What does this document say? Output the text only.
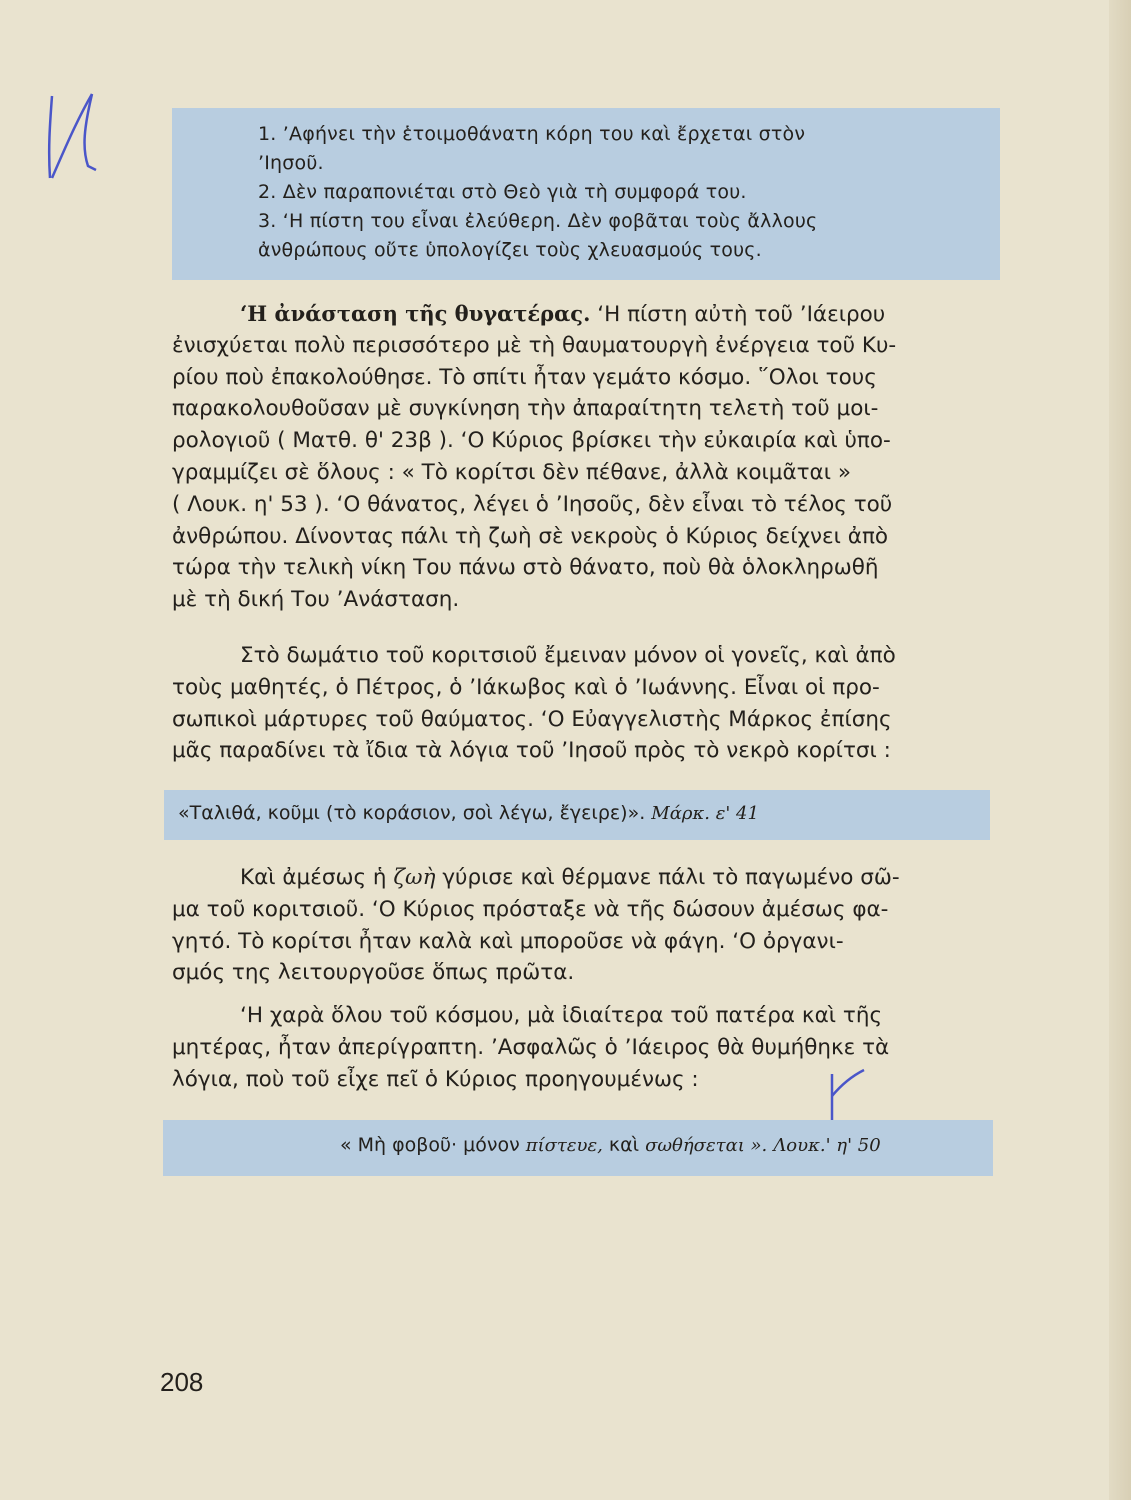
1. ’Αφήνει τὴν ἑτοιμοθάνατη κόρη του καὶ ἔρχεται στὸν

’Ιησοῦ.

2. Δὲν παραπονιέται στὸ Θεὸ γιὰ τὴ συμφορά του.

3. ‘Η πίστη του εἶναι ἐλεύθερη. Δὲν φοβᾶται τοὺς ἄλλους

ἀνθρώπους οὔτε ὑπολογίζει τοὺς χλευασμούς τους.

‘Η ἀνάσταση τῆς θυγατέρας. ‘Η πίστη αὐτὴ τοῦ ’Ιάειρου
ἐνισχύεται πολὺ περισσότερο μὲ τὴ θαυματουργὴ ἐνέργεια τοῦ Κυ-
ρίου ποὺ ἐπακολούθησε. Τὸ σπίτι ἦταν γεμάτο κόσμο. ῞Ολοι τους
παρακολουθοῦσαν μὲ συγκίνηση τὴν ἀπαραίτητη τελετὴ τοῦ μοι-
ρολογιοῦ ( Ματθ. θ' 23β ). ‘Ο Κύριος βρίσκει τὴν εὐκαιρία καὶ ὑπο-
γραμμίζει σὲ ὅλους : « Τὸ κορίτσι δὲν πέθανε, ἀλλὰ κοιμᾶται »
( Λουκ. η' 53 ). ‘Ο θάνατος, λέγει ὁ ’Ιησοῦς, δὲν εἶναι τὸ τέλος τοῦ
ἀνθρώπου. Δίνοντας πάλι τὴ ζωὴ σὲ νεκροὺς ὁ Κύριος δείχνει ἀπὸ
τώρα τὴν τελικὴ νίκη Του πάνω στὸ θάνατο, ποὺ θὰ ὁλοκληρωθῆ
μὲ τὴ δική Του ’Ανάσταση.
Στὸ δωμάτιο τοῦ κοριτσιοῦ ἔμειναν μόνον οἱ γονεῖς, καὶ ἀπὸ
τοὺς μαθητές, ὁ Πέτρος, ὁ ’Ιάκωβος καὶ ὁ ’Ιωάννης. Εἶναι οἱ προ-
σωπικοὶ μάρτυρες τοῦ θαύματος. ‘Ο Εὐαγγελιστὴς Μάρκος ἐπίσης
μᾶς παραδίνει τὰ ἴδια τὰ λόγια τοῦ ’Ιησοῦ πρὸς τὸ νεκρὸ κορίτσι :
«Ταλιθά, κοῦμι (τὸ κοράσιον, σοὶ λέγω, ἔγειρε)». Μάρκ. ε' 41
Καὶ ἀμέσως ἡ ζωὴ γύρισε καὶ θέρμανε πάλι τὸ παγωμένο σῶ-
μα τοῦ κοριτσιοῦ. ‘Ο Κύριος πρόσταξε νὰ τῆς δώσουν ἀμέσως φα-
γητό. Τὸ κορίτσι ἦταν καλὰ καὶ μποροῦσε νὰ φάγη. ‘Ο ὀργανι-
σμός της λειτουργοῦσε ὅπως πρῶτα.
‘Η χαρὰ ὅλου τοῦ κόσμου, μὰ ἰδιαίτερα τοῦ πατέρα καὶ τῆς
μητέρας, ἦταν ἀπερίγραπτη. ’Ασφαλῶς ὁ ’Ιάειρος θὰ θυμήθηκε τὰ
λόγια, ποὺ τοῦ εἶχε πεῖ ὁ Κύριος προηγουμένως :
« Μὴ φοβοῦ· μόνον πίστευε, καὶ σωθήσεται ». Λουκ.' η' 50
208
